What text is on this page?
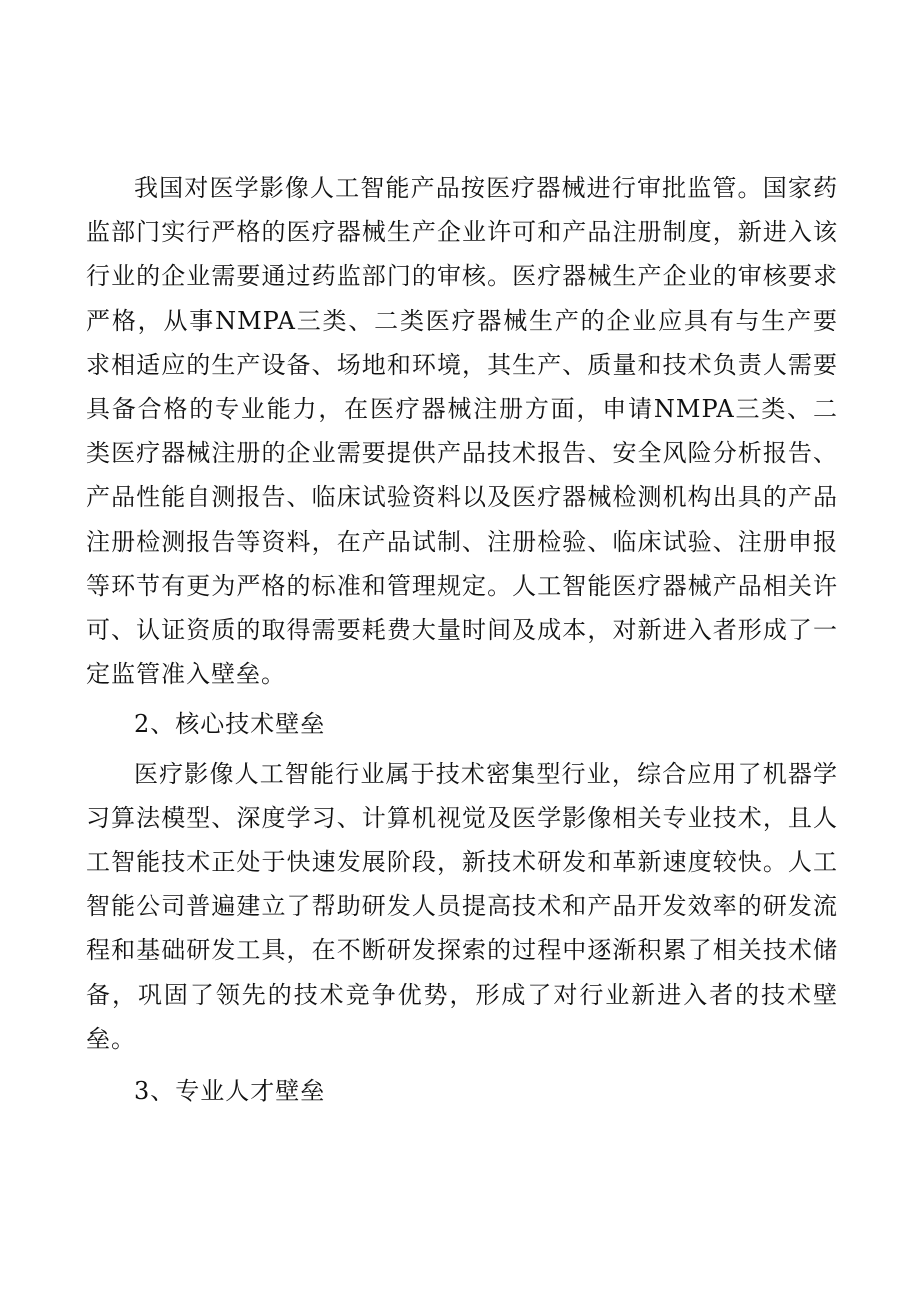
我国对医学影像人工智能产品按医疗器械进行审批监管。国家药监部门实行严格的医疗器械生产企业许可和产品注册制度，新进入该行业的企业需要通过药监部门的审核。医疗器械生产企业的审核要求严格，从事NMPA三类、二类医疗器械生产的企业应具有与生产要求相适应的生产设备、场地和环境，其生产、质量和技术负责人需要具备合格的专业能力，在医疗器械注册方面，申请NMPA三类、二类医疗器械注册的企业需要提供产品技术报告、安全风险分析报告、产品性能自测报告、临床试验资料以及医疗器械检测机构出具的产品注册检测报告等资料，在产品试制、注册检验、临床试验、注册申报等环节有更为严格的标准和管理规定。人工智能医疗器械产品相关许可、认证资质的取得需要耗费大量时间及成本，对新进入者形成了一定监管准入壁垒。

2、核心技术壁垒

医疗影像人工智能行业属于技术密集型行业，综合应用了机器学习算法模型、深度学习、计算机视觉及医学影像相关专业技术，且人工智能技术正处于快速发展阶段，新技术研发和革新速度较快。人工智能公司普遍建立了帮助研发人员提高技术和产品开发效率的研发流程和基础研发工具，在不断研发探索的过程中逐渐积累了相关技术储备，巩固了领先的技术竞争优势，形成了对行业新进入者的技术壁垒。

3、专业人才壁垒
